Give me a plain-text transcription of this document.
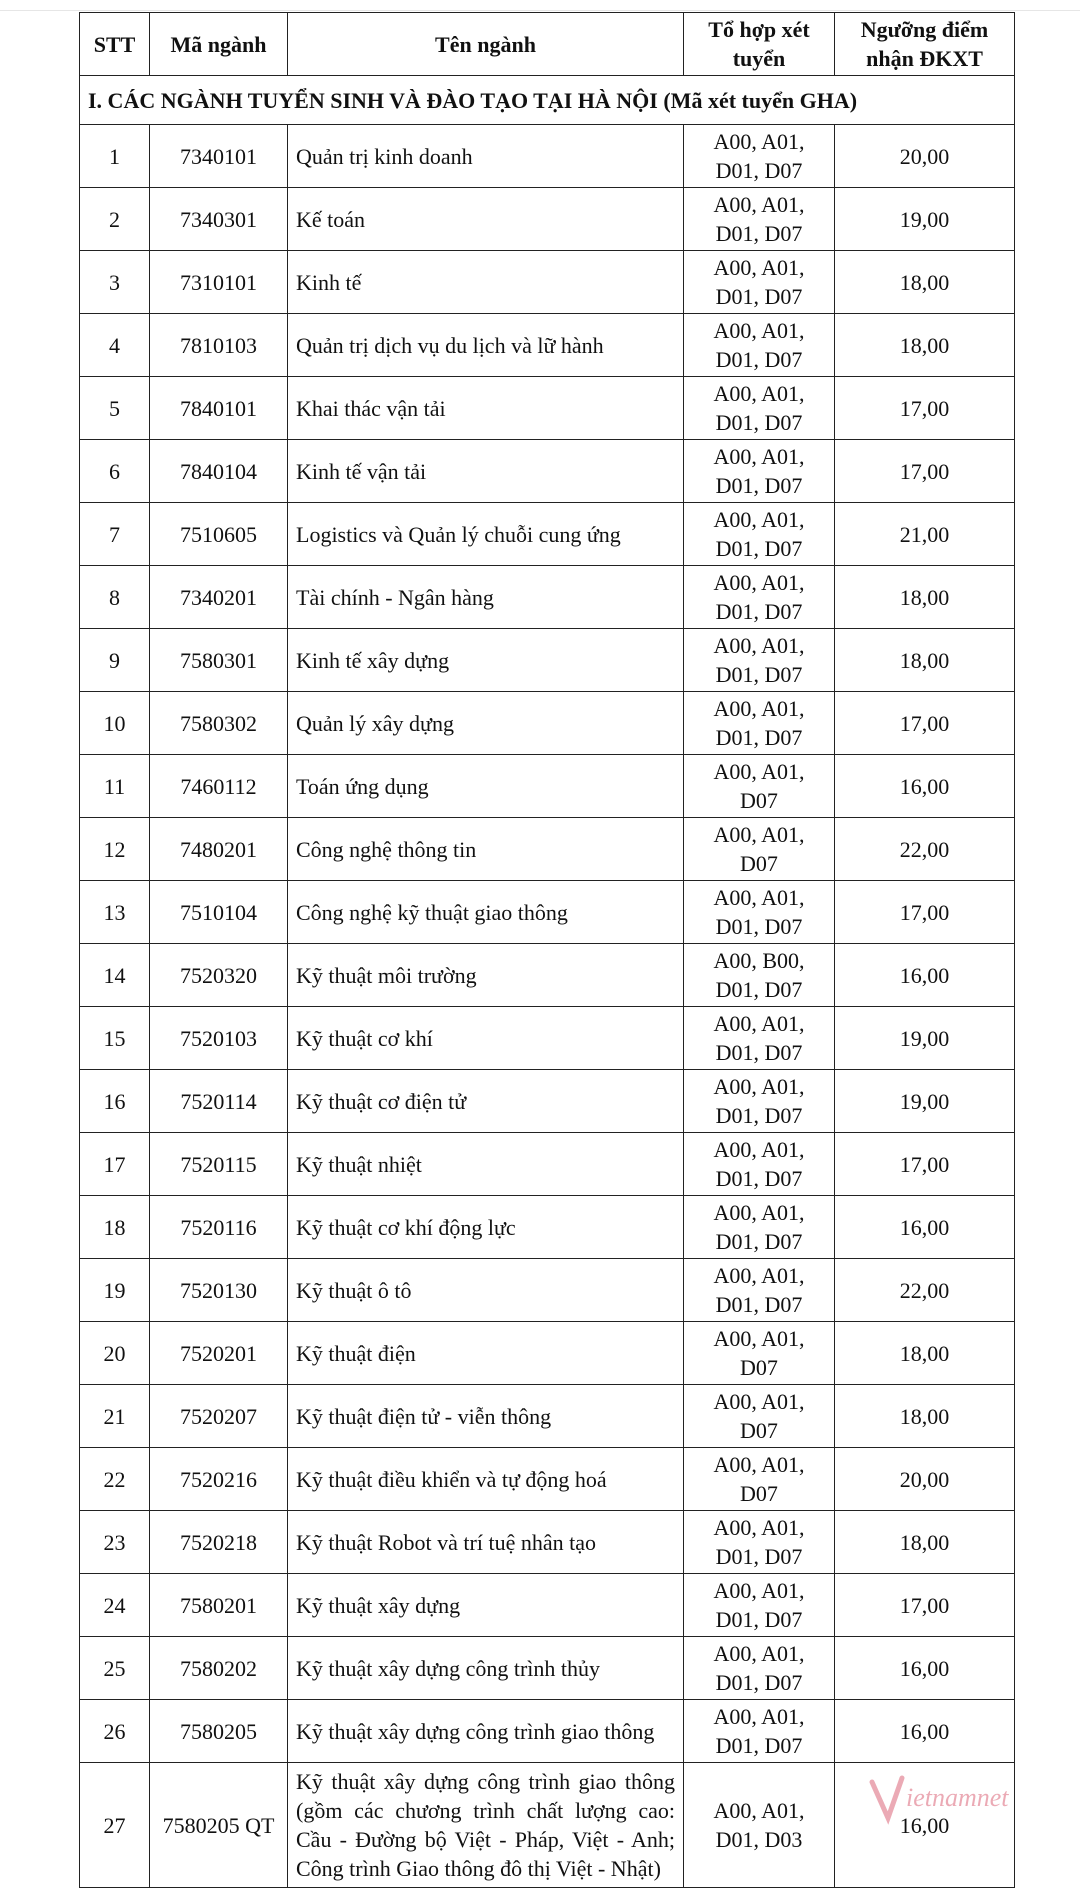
STT	Mã ngành	Tên ngành	Tổ hợp xét tuyển	Ngưỡng điểm nhận ĐKXT
I. CÁC NGÀNH TUYỂN SINH VÀ ĐÀO TẠO TẠI HÀ NỘI (Mã xét tuyển GHA)				
1	7340101	Quản trị kinh doanh	A00, A01, D01, D07	20,00
2	7340301	Kế toán	A00, A01, D01, D07	19,00
3	7310101	Kinh tế	A00, A01, D01, D07	18,00
4	7810103	Quản trị dịch vụ du lịch và lữ hành	A00, A01, D01, D07	18,00
5	7840101	Khai thác vận tải	A00, A01, D01, D07	17,00
6	7840104	Kinh tế vận tải	A00, A01, D01, D07	17,00
7	7510605	Logistics và Quản lý chuỗi cung ứng	A00, A01, D01, D07	21,00
8	7340201	Tài chính - Ngân hàng	A00, A01, D01, D07	18,00
9	7580301	Kinh tế xây dựng	A00, A01, D01, D07	18,00
10	7580302	Quản lý xây dựng	A00, A01, D01, D07	17,00
11	7460112	Toán ứng dụng	A00, A01, D07	16,00
12	7480201	Công nghệ thông tin	A00, A01, D07	22,00
13	7510104	Công nghệ kỹ thuật giao thông	A00, A01, D01, D07	17,00
14	7520320	Kỹ thuật môi trường	A00, B00, D01, D07	16,00
15	7520103	Kỹ thuật cơ khí	A00, A01, D01, D07	19,00
16	7520114	Kỹ thuật cơ điện tử	A00, A01, D01, D07	19,00
17	7520115	Kỹ thuật nhiệt	A00, A01, D01, D07	17,00
18	7520116	Kỹ thuật cơ khí động lực	A00, A01, D01, D07	16,00
19	7520130	Kỹ thuật ô tô	A00, A01, D01, D07	22,00
20	7520201	Kỹ thuật điện	A00, A01, D07	18,00
21	7520207	Kỹ thuật điện tử - viễn thông	A00, A01, D07	18,00
22	7520216	Kỹ thuật điều khiển và tự động hoá	A00, A01, D07	20,00
23	7520218	Kỹ thuật Robot và trí tuệ nhân tạo	A00, A01, D01, D07	18,00
24	7580201	Kỹ thuật xây dựng	A00, A01, D01, D07	17,00
25	7580202	Kỹ thuật xây dựng công trình thủy	A00, A01, D01, D07	16,00
26	7580205	Kỹ thuật xây dựng công trình giao thông	A00, A01, D01, D07	16,00
27	7580205 QT	Kỹ thuật xây dựng công trình giao thông (gồm các chương trình chất lượng cao: Cầu - Đường bộ Việt - Pháp, Việt - Anh; Công trình Giao thông đô thị Việt - Nhật)	A00, A01, D01, D03	16,00
ietnamnet
